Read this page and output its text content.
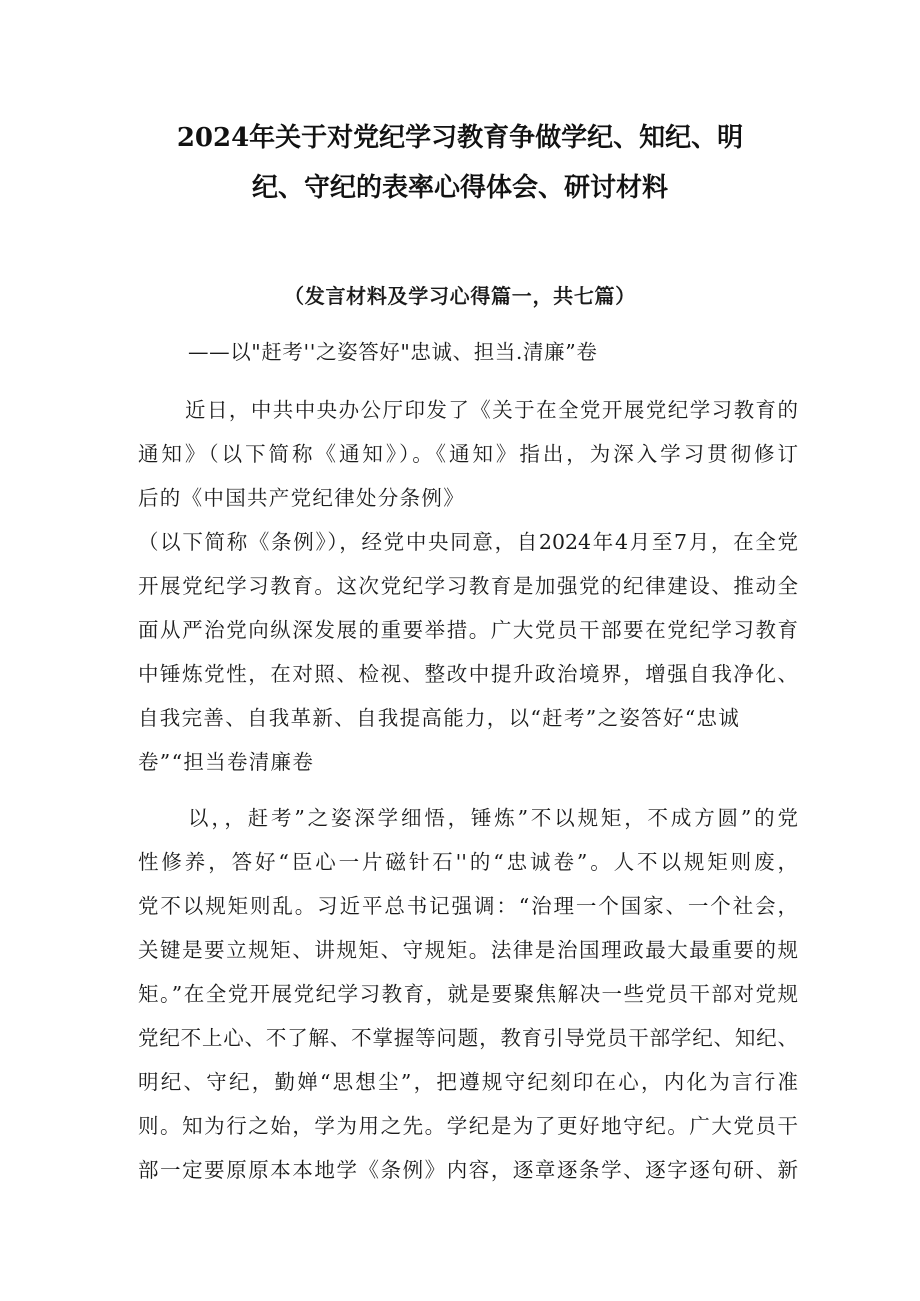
2024年关于对党纪学习教育争做学纪、知纪、明
纪、守纪的表率心得体会、研讨材料
（发言材料及学习心得篇一，共七篇）
——以"赶考''之姿答好"忠诚、担当.清廉”卷
近日，中共中央办公厅印发了《关于在全党开展党纪学习教育的
通知》（以下简称《通知》）。《通知》指出，为深入学习贯彻修订
后的《中国共产党纪律处分条例》
（以下简称《条例》），经党中央同意，自2024年4月至7月，在全党
开展党纪学习教育。这次党纪学习教育是加强党的纪律建设、推动全
面从严治党向纵深发展的重要举措。广大党员干部要在党纪学习教育
中锤炼党性，在对照、检视、整改中提升政治境界，增强自我净化、
自我完善、自我革新、自我提高能力，以“赶考”之姿答好“忠诚
卷”“担当卷清廉卷
以，，赶考”之姿深学细悟，锤炼”不以规矩，不成方圆”的党
性修养，答好“臣心一片磁针石''的“忠诚卷”。人不以规矩则废，
党不以规矩则乱。习近平总书记强调：“治理一个国家、一个社会，
关键是要立规矩、讲规矩、守规矩。法律是治国理政最大最重要的规
矩。”在全党开展党纪学习教育，就是要聚焦解决一些党员干部对党规
党纪不上心、不了解、不掌握等问题，教育引导党员干部学纪、知纪、
明纪、守纪，勤婵“思想尘”，把遵规守纪刻印在心，内化为言行准
则。知为行之始，学为用之先。学纪是为了更好地守纪。广大党员干
部一定要原原本本地学《条例》内容，逐章逐条学、逐字逐句研、新
